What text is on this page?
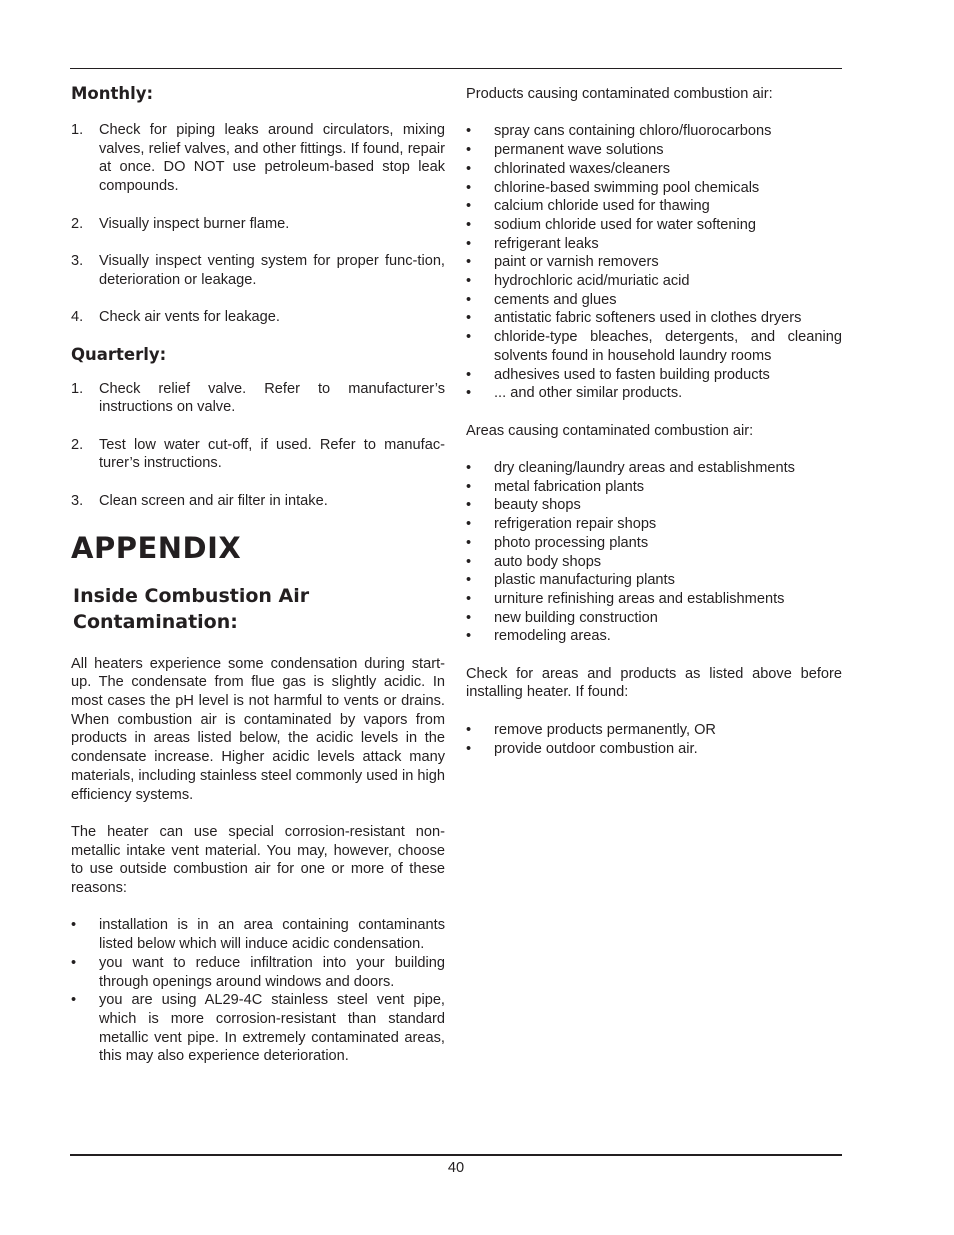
Monthly:
1. Check for piping leaks around circulators, mixing valves, relief valves, and other fittings. If found, repair at once. DO NOT use petroleum-based stop leak compounds.
2. Visually inspect burner flame.
3. Visually inspect venting system for proper func-tion, deterioration or leakage.
4. Check air vents for leakage.
Quarterly:
1. Check relief valve. Refer to manufacturer’s instructions on valve.
2. Test low water cut-off, if used. Refer to manufac-turer’s instructions.
3. Clean screen and air filter in intake.
APPENDIX
Inside Combustion Air
Contamination:

All heaters experience some condensation during start-up. The condensate from flue gas is slightly acidic. In most cases the pH level is not harmful to vents or drains. When combustion air is contaminated by vapors from products in areas listed below, the acidic levels in the condensate increase. Higher acidic levels attack many materials, including stainless steel commonly used in high efficiency systems.

The heater can use special corrosion-resistant non-metallic intake vent material. You may, however, choose to use outside combustion air for one or more of these reasons:

• installation is in an area containing contaminants listed below which will induce acidic condensation.
• you want to reduce infiltration into your building through openings around windows and doors.
• you are using AL29-4C stainless steel vent pipe, which is more corrosion-resistant than standard metallic vent pipe. In extremely contaminated areas, this may also experience deterioration.

Products causing contaminated combustion air:

• spray cans containing chloro/fluorocarbons
• permanent wave solutions
• chlorinated waxes/cleaners
• chlorine-based swimming pool chemicals
• calcium chloride used for thawing
• sodium chloride used for water softening
• refrigerant leaks
• paint or varnish removers
• hydrochloric acid/muriatic acid
• cements and glues
• antistatic fabric softeners used in clothes dryers
• chloride-type bleaches, detergents, and cleaning solvents found in household laundry rooms
• adhesives used to fasten building products
• ... and other similar products.

Areas causing contaminated combustion air:

• dry cleaning/laundry areas and establishments
• metal fabrication plants
• beauty shops
• refrigeration repair shops
• photo processing plants
• auto body shops
• plastic manufacturing plants
• urniture refinishing areas and establishments
• new building construction
• remodeling areas.

Check for areas and products as listed above before installing heater. If found:

• remove products permanently, OR
• provide outdoor combustion air.
40
